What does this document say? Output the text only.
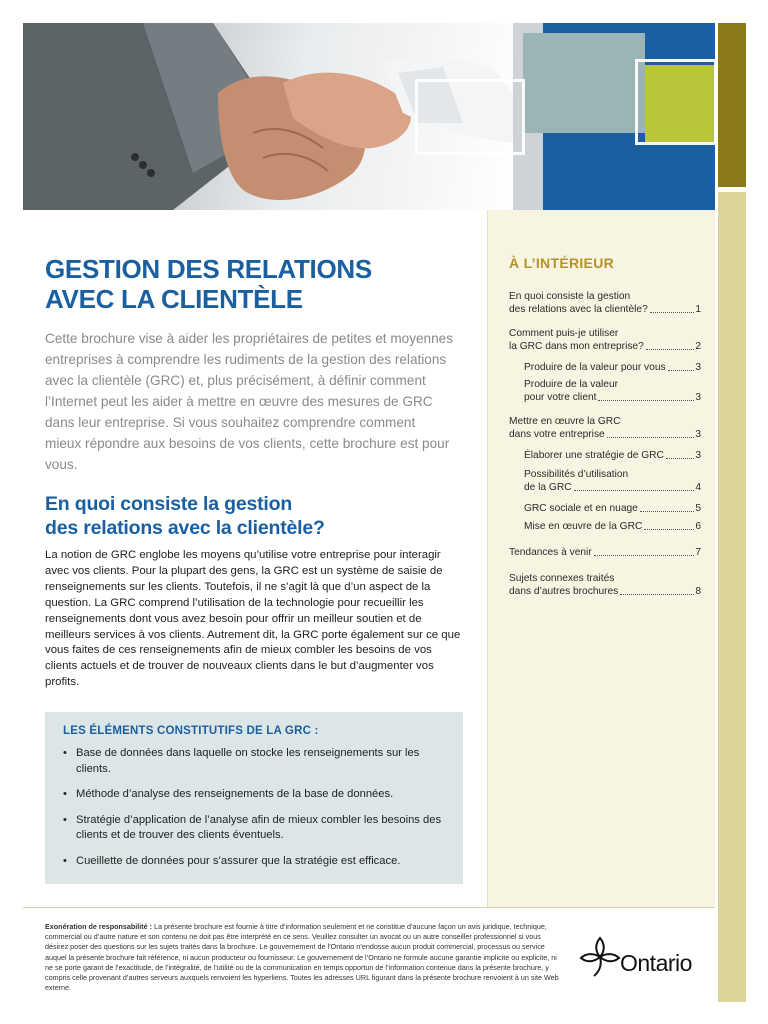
À L’INTÉRIEUR
En quoi consiste la gestion
des relations avec la clientèle?	1
Comment puis-je utiliser
la GRC dans mon entreprise?	2
Produire de la valeur pour vous	3
Produire de la valeur
pour votre client	3
Mettre en œuvre la GRC
dans votre entreprise	3
Élaborer une stratégie de GRC	3
Possibilités d’utilisation
de la GRC	4
GRC sociale et en nuage	5
Mise en œuvre de la GRC	6
Tendances à venir	7
Sujets connexes traités
dans d’autres brochures	8
GESTION DES RELATIONS
AVEC LA CLIENTÈLE

Cette brochure vise à aider les propriétaires de petites et moyennes entreprises à comprendre les rudiments de la gestion des relations avec la clientèle (GRC) et, plus précisément, à définir comment l’Internet peut les aider à mettre en œuvre des mesures de GRC dans leur entreprise. Si vous souhaitez comprendre comment mieux répondre aux besoins de vos clients, cette brochure est pour vous.

En quoi consiste la gestion
des relations avec la clientèle?

La notion de GRC englobe les moyens qu’utilise votre entreprise pour interagir avec vos clients. Pour la plupart des gens, la GRC est un système de saisie de renseignements sur les clients. Toutefois, il ne s’agit là que d’un aspect de la question. La GRC comprend l’utilisation de la technologie pour recueillir les renseignements dont vous avez besoin pour offrir un meilleur soutien et de meilleurs services à vos clients. Autrement dit, la GRC porte également sur ce que vous faites de ces renseignements afin de mieux combler les besoins de vos clients actuels et de trouver de nouveaux clients dans le but d’augmenter vos profits.

LES ÉLÉMENTS CONSTITUTIFS DE LA GRC :
• Base de données dans laquelle on stocke les renseignements sur les clients.
• Méthode d’analyse des renseignements de la base de données.
• Stratégie d’application de l’analyse afin de mieux combler les besoins des clients et de trouver des clients éventuels.
• Cueillette de données pour s’assurer que la stratégie est efficace.

Exonération de responsabilité : La présente brochure est fournie à titre d’information seulement et ne constitue d’aucune façon un avis juridique, technique, commercial ou d’autre nature et son contenu ne doit pas être interprété en ce sens. Veuillez consulter un avocat ou un autre conseiller professionnel si vous désirez poser des questions sur les sujets traités dans la brochure. Le gouvernement de l’Ontario n’endosse aucun produit commercial, processus ou service auquel la présente brochure fait référence, ni aucun producteur ou fournisseur. Le gouvernement de l’Ontario ne formule aucune garantie implicite ou explicite, ni ne se porte garant de l’exactitude, de l’intégralité, de l’utilité ou de la communication en temps opportun de l’information contenue dans la présente brochure, y compris celle provenant d’autres serveurs auxquels renvoient les hyperliens. Toutes les adresses URL figurant dans la présente brochure renvoient à un site Web externe.

Ontario
